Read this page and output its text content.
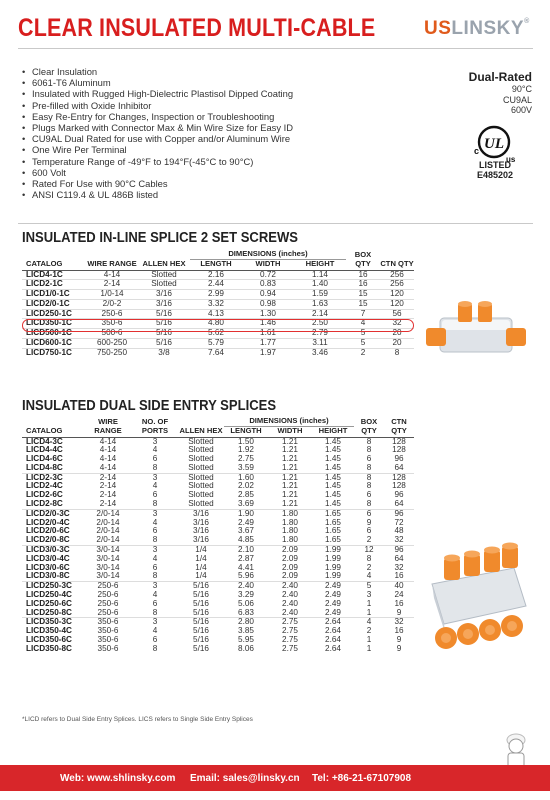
CLEAR INSULATED MULTI-CABLE	USLINSKY®
• Clear Insulation
• 6061-T6 Aluminum
• Insulated with Rugged High-Dielectric Plastisol Dipped Coating
• Pre-filled with Oxide Inhibitor
• Easy Re-Entry for Changes, Inspection or Troubleshooting
• Plugs Marked with Connector Max & Min Wire Size for Easy ID
• CU9AL Dual Rated for use with Copper and/or Aluminum Wire
• One Wire Per Terminal
• Temperature Range of -49°F to 194°F(-45°C to 90°C)
• 600 Volt
• Rated For Use with 90°C Cables
• ANSI C119.4 & UL 486B listed
Dual-Rated
90°C
CU9AL
600V
UL
c
us
LISTED
E485202
INSULATED IN-LINE SPLICE 2 SET SCREWS
CATALOG	WIRE RANGE	ALLEN HEX	DIMENSIONS (inches)			BOX QTY	CTN QTY
			LENGTH	WIDTH	HEIGHT		

LICD4-1C	4-14	Slotted	2.16	0.72	1.14	16	256
LICD2-1C	2-14	Slotted	2.44	0.83	1.40	16	256
LICD1/0-1C	1/0-14	3/16	2.99	0.94	1.59	15	120
LICD2/0-1C	2/0-2	3/16	3.32	0.98	1.63	15	120
LICD250-1C	250-6	5/16	4.13	1.30	2.14	7	56
LICD350-1C	350-6	5/16	4.80	1.46	2.50	4	32
LICD500-1C	500-6	5/16	5.62	1.61	2.79	5	20
LICD600-1C	600-250	5/16	5.79	1.77	3.11	5	20
LICD750-1C	750-250	3/8	7.64	1.97	3.46	2	8
INSULATED DUAL SIDE ENTRY SPLICES
CATALOG	WIRE RANGE	NO. OF PORTS	ALLEN HEX	DIMENSIONS (inches)			BOX QTY	CTN QTY
				LENGTH	WIDTH	HEIGHT		

LICD4-3C	4-14	3	Slotted	1.50	1.21	1.45	8	128
LICD4-4C	4-14	4	Slotted	1.92	1.21	1.45	8	128
LICD4-6C	4-14	6	Slotted	2.75	1.21	1.45	6	96
LICD4-8C	4-14	8	Slotted	3.59	1.21	1.45	8	64
LICD2-3C	2-14	3	Slotted	1.60	1.21	1.45	8	128
LICD2-4C	2-14	4	Slotted	2.02	1.21	1.45	8	128
LICD2-6C	2-14	6	Slotted	2.85	1.21	1.45	6	96
LICD2-8C	2-14	8	Slotted	3.69	1.21	1.45	8	64
LICD2/0-3C	2/0-14	3	3/16	1.90	1.80	1.65	6	96
LICD2/0-4C	2/0-14	4	3/16	2.49	1.80	1.65	9	72
LICD2/0-6C	2/0-14	6	3/16	3.67	1.80	1.65	6	48
LICD2/0-8C	2/0-14	8	3/16	4.85	1.80	1.65	2	32
LICD3/0-3C	3/0-14	3	1/4	2.10	2.09	1.99	12	96
LICD3/0-4C	3/0-14	4	1/4	2.87	2.09	1.99	8	64
LICD3/0-6C	3/0-14	6	1/4	4.41	2.09	1.99	2	32
LICD3/0-8C	3/0-14	8	1/4	5.96	2.09	1.99	4	16
LICD250-3C	250-6	3	5/16	2.40	2.40	2.49	5	40
LICD250-4C	250-6	4	5/16	3.29	2.40	2.49	3	24
LICD250-6C	250-6	6	5/16	5.06	2.40	2.49	1	16
LICD250-8C	250-6	8	5/16	6.83	2.40	2.49	1	9
LICD350-3C	350-6	3	5/16	2.80	2.75	2.64	4	32
LICD350-4C	350-6	4	5/16	3.85	2.75	2.64	2	16
LICD350-6C	350-6	6	5/16	5.95	2.75	2.64	1	9
LICD350-8C	350-6	8	5/16	8.06	2.75	2.64	1	9
*LICD refers to Dual Side Entry Splices. LICS refers to Single Side Entry Splices
Web: www.shlinsky.com Email: sales@linsky.cn Tel: +86-21-67107908
